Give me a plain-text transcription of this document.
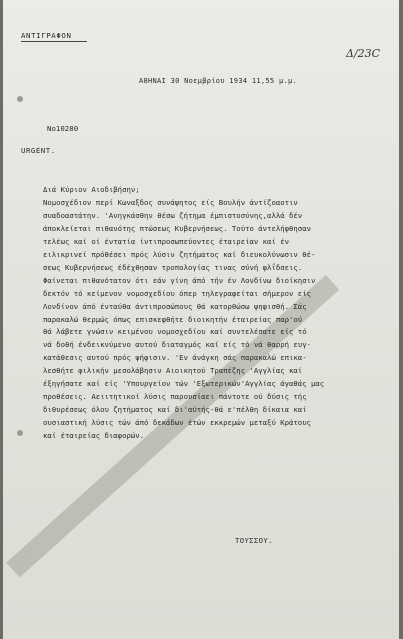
ΑΝΤΙΓΡΑΦΟΝ
Δ/23C
ΑΘΗΝΑΙ 30 Νοεμβρίου 1934 11,55 μ.μ.
No10280
URGENT.
Διά Κύριον Αιοδιβήσην;
Νομοσχέδιον περί Κωναξδος συνάψητος είς Βουλήν άντίζοαοτιν
συαδοαστάτην. 'Ανηγκάσθην θέσω ζήτημα έμπιστοσύνης,αλλά δέν
άποκλείεται πιθανότης πτώσεως Κυβερνήσεως. Τούτο άντελήφθησαν
τελέως καί οί έντατία ίντιπροσωπεύοντες έταιρείαν καί έν
ειλικρινεί πρόθέσει πρός λύσιν ζητήματος καί διευκολύνωσιν θέ-
σεως Κυβερνήσεως έδέχθησαν τροπολογίας τινας σύνή φλΐδσεις.
Φαίνεται πιθανότατον ότι εάν γίνη άπό τήν έν Λονδίνω διοίκησιν
δεκτόν τό κείμενον νομοσχεδίου όπερ τηλεγραφείται σήμερον είς
Λονδίνον άπό ένταύθα άντιπροσώπους θά κατορθώσω ψηφισθή. Σάς
παρακαλώ θερμώς όπως επισκεφθήτε διοικητήν έταιρείας παρ'ού
θά λάβετε γνώσιν κειμένου νομοσχεδίου καί συντελέσατε είς τό
νά δοθή ένδεικνύμενο αυτού διαταγμός καί είς τό νά θαρρή ευγ-
κατάθεσις αυτού πρός ψήφισιν. 'Εν άνάγκη σάς παρακαλώ επικα-
λεσθήτε φιλικήν μεσολάβησιν Αιοικητού Τραπέζης 'Αγγλίας καί
έξηγήσατε καί είς 'Υπουργείον τών 'Εξωτερικών'Αγγλίας άγαθάς μας
προθέσεις. Αειιτητικοί λύσις παρουσίαει πάντοτε ού δύσις τής
διθυρέσεως όλου ζητήματος καί δι'αύτής-θά ε'πέλθη δίκαια καί
ουσιαστική λύσις τών άπό δεκάδων έτών εκκρεμών μεταξύ Κράτους
καί έταιρείας διαφορών.
ΤΟΥΣΣΟΥ.
